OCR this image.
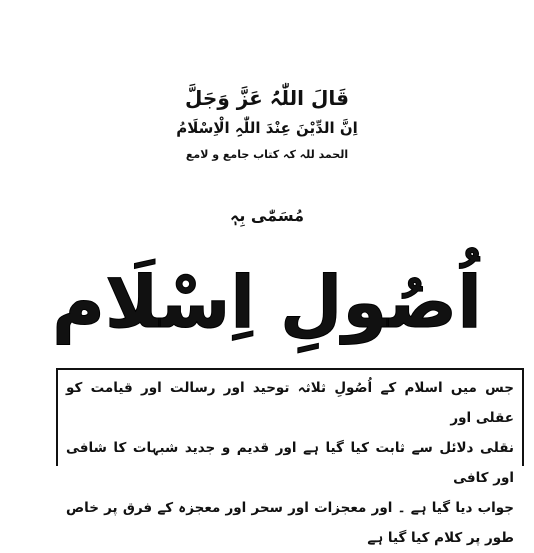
قَالَ اللّٰہُ عَزَّ وَجَلَّ
اِنَّ الدِّیْنَ عِنْدَ اللّٰہِ الْاِسْلَامُ
الحمد للہ کہ کتاب جامع و لامع
مُسَمّٰی بِہٖ
اُصُولِ اِسْلَام
جس میں اسلام کے اُصُولِ ثلاثہ توحید اور رسالت اور قیامت کو عقلی اور
نقلی دلائل سے ثابت کیا گیا ہے اور قدیم و جدید شبہات کا شافی اور کافی
جواب دیا گیا ہے ۔ اور معجزات اور سحر اور معجزہ کے فرق پر خاص طور پر کلام کیا گیا ہے
